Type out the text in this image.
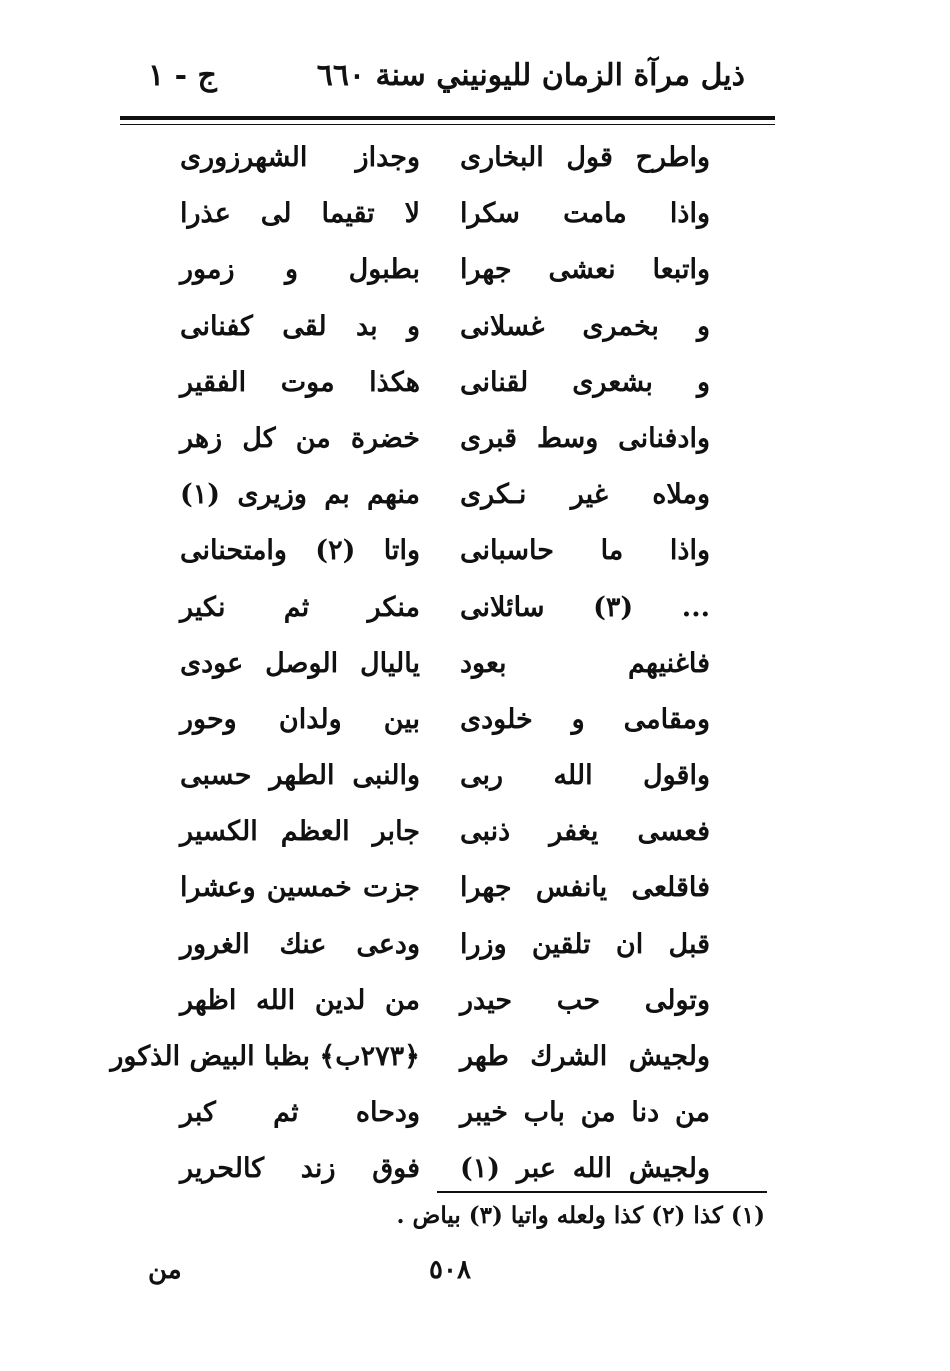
ذيل مرآة الزمان لليونيني سنة ٦٦٠
ج - ١
واطرح قول البخارى
وجداز الشهرزورى
واذا مامت سكرا
لا تقيما لى عذرا
واتبعا نعشى جهرا
بطبول و زمور
و بخمرى غسلانى
و بد لقى كفنانى
و بشعرى لقنانى
هكذا موت الفقير
وادفنانى وسط قبرى
خضرة من كل زهر
وملاه غير نـكرى
منهم بم وزيرى (١)
واذا ما حاسبانى
واتا (٢) وامتحنانى
... (٣) سائلانى
منكر ثم نكير
فاغنيهم بعود
ياليال الوصل عودى
ومقامى و خلودى
بين ولدان وحور
واقول الله ربى
والنبى الطهر حسبى
فعسى يغفر ذنبى
جابر العظم الكسير
فاقلعى يانفس جهرا
جزت خمسين وعشرا
قبل ان تلقين وزرا
ودعى عنك الغرور
وتولى حب حيدر
من لدين الله اظهر
ولجيش الشرك طهر
﴿٢٧٣ب﴾ بظبا البيض الذكور
من دنا من باب خيبر
ودحاه ثم كبر
ولجيش الله عبر (١)
فوق زند كالحرير
(١) كذا (٢) كذا ولعله واتيا (٣) بياض .
٥٠٨
من
